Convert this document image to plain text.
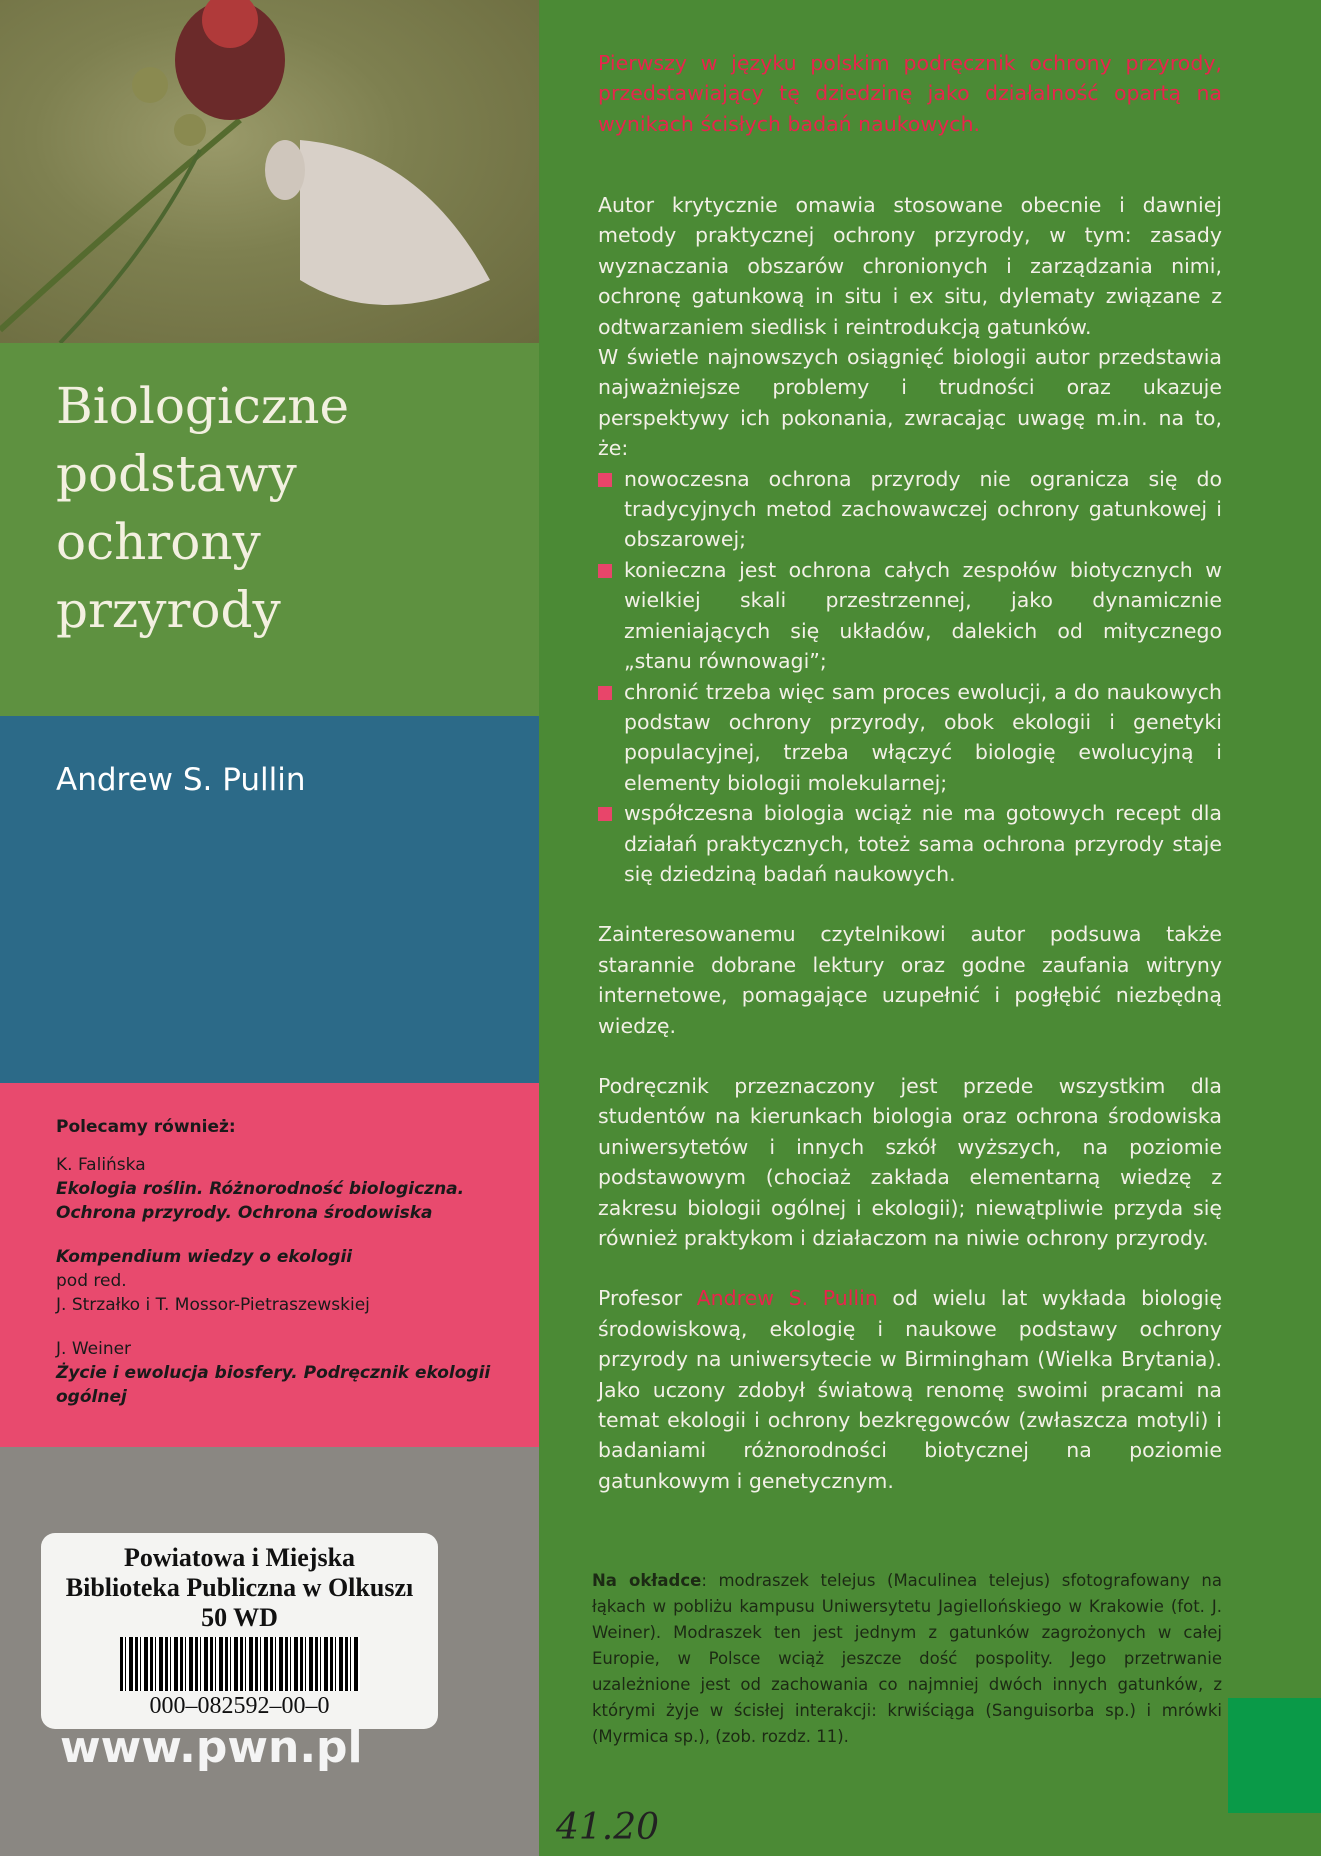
Biologiczne
podstawy
ochrony
przyrody
Andrew S. Pullin
Polecamy również:
K. Falińska
Ekologia roślin. Różnorodność biologiczna. Ochrona przyrody. Ochrona środowiska
Kompendium wiedzy o ekologii
pod red.
J. Strzałko i T. Mossor-Pietraszewskiej
J. Weiner
Życie i ewolucja biosfery. Podręcznik ekologii ogólnej
Powiatowa i Miejska
Biblioteka Publiczna w Olkuszı
50 WD
000–082592–00–0
www.pwn.pl
Pierwszy w języku polskim podręcznik ochrony przyrody, przedstawiający tę dziedzinę jako działalność opartą na wynikach ścisłych badań naukowych.

Autor krytycznie omawia stosowane obecnie i dawniej metody praktycznej ochrony przyrody, w tym: zasady wyznaczania obszarów chronionych i zarządzania nimi, ochronę gatunkową in situ i ex situ, dylematy związane z odtwarzaniem siedlisk i reintrodukcją gatunków.

W świetle najnowszych osiągnięć biologii autor przedstawia najważniejsze problemy i trudności oraz ukazuje perspektywy ich pokonania, zwracając uwagę m.in. na to, że:

nowoczesna ochrona przyrody nie ogranicza się do tradycyjnych metod zachowawczej ochrony gatunkowej i obszarowej;
konieczna jest ochrona całych zespołów biotycznych w wielkiej skali przestrzennej, jako dynamicznie zmieniających się układów, dalekich od mitycznego „stanu równowagi”;
chronić trzeba więc sam proces ewolucji, a do naukowych podstaw ochrony przyrody, obok ekologii i genetyki populacyjnej, trzeba włączyć biologię ewolucyjną i elementy biologii molekularnej;
współczesna biologia wciąż nie ma gotowych recept dla działań praktycznych, toteż sama ochrona przyrody staje się dziedziną badań naukowych.

Zainteresowanemu czytelnikowi autor podsuwa także starannie dobrane lektury oraz godne zaufania witryny internetowe, pomagające uzupełnić i pogłębić niezbędną wiedzę.

Podręcznik przeznaczony jest przede wszystkim dla studentów na kierunkach biologia oraz ochrona środowiska uniwersytetów i innych szkół wyższych, na poziomie podstawowym (chociaż zakłada elementarną wiedzę z zakresu biologii ogólnej i ekologii); niewątpliwie przyda się również praktykom i działaczom na niwie ochrony przyrody.

Profesor Andrew S. Pullin od wielu lat wykłada biologię środowiskową, ekologię i naukowe podstawy ochrony przyrody na uniwersytecie w Birmingham (Wielka Brytania). Jako uczony zdobył światową renomę swoimi pracami na temat ekologii i ochrony bezkręgowców (zwłaszcza motyli) i badaniami różnorodności biotycznej na poziomie gatunkowym i genetycznym.

Na okładce: modraszek telejus (Maculinea telejus) sfotografowany na łąkach w pobliżu kampusu Uniwersytetu Jagiellońskiego w Krakowie (fot. J. Weiner). Modraszek ten jest jednym z gatunków zagrożonych w całej Europie, w Polsce wciąż jeszcze dość pospolity. Jego przetrwanie uzależnione jest od zachowania co najmniej dwóch innych gatunków, z którymi żyje w ścisłej interakcji: krwiściąga (Sanguisorba sp.) i mrówki (Myrmica sp.), (zob. rozdz. 11).
41.20
